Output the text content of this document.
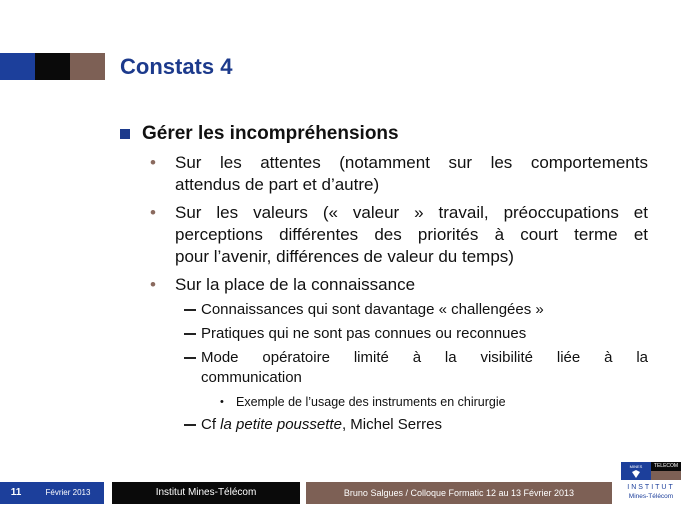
Constats 4
Gérer les incompréhensions
• Sur les attentes (notamment sur les comportements
attendus de part et d’autre)
• Sur les valeurs (« valeur » travail, préoccupations et
perceptions différentes des priorités à court terme et
pour l’avenir, différences de valeur du temps)
• Sur la place de la connaissance
Connaissances qui sont davantage « challengées »
Pratiques qui ne sont pas connues ou reconnues
Mode opératoire limité à la visibilité liée à la
communication
• Exemple de l’usage des instruments en chirurgie
Cf la petite poussette, Michel Serres
11	Février 2013	Institut Mines-Télécom	Bruno Salgues / Colloque Formatic 12 au 13 Février 2013
MINES	TELECOM
INSTITUT
Mines-Télécom
